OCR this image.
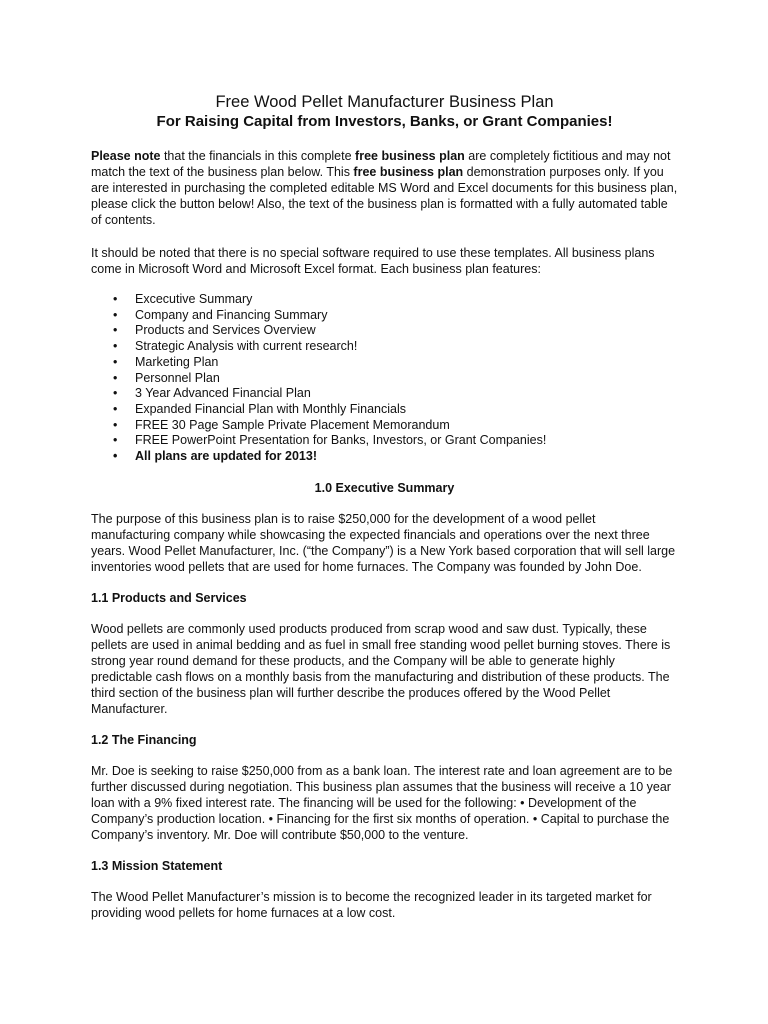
Free Wood Pellet Manufacturer Business Plan
For Raising Capital from Investors, Banks, or Grant Companies!

Please note that the financials in this complete free business plan are completely fictitious and may not match the text of the business plan below. This free business plan demonstration purposes only. If you are interested in purchasing the completed editable MS Word and Excel documents for this business plan, please click the button below! Also, the text of the business plan is formatted with a fully automated table of contents.

It should be noted that there is no special software required to use these templates. All business plans come in Microsoft Word and Microsoft Excel format. Each business plan features:

• Excecutive Summary
• Company and Financing Summary
• Products and Services Overview
• Strategic Analysis with current research!
• Marketing Plan
• Personnel Plan
• 3 Year Advanced Financial Plan
• Expanded Financial Plan with Monthly Financials
• FREE 30 Page Sample Private Placement Memorandum
• FREE PowerPoint Presentation for Banks, Investors, or Grant Companies!
• All plans are updated for 2013!
1.0 Executive Summary

The purpose of this business plan is to raise $250,000 for the development of a wood pellet manufacturing company while showcasing the expected financials and operations over the next three years. Wood Pellet Manufacturer, Inc. (“the Company”) is a New York based corporation that will sell large inventories wood pellets that are used for home furnaces. The Company was founded by John Doe.

1.1 Products and Services

Wood pellets are commonly used products produced from scrap wood and saw dust. Typically, these pellets are used in animal bedding and as fuel in small free standing wood pellet burning stoves. There is strong year round demand for these products, and the Company will be able to generate highly predictable cash flows on a monthly basis from the manufacturing and distribution of these products. The third section of the business plan will further describe the produces offered by the Wood Pellet Manufacturer.

1.2 The Financing

Mr. Doe is seeking to raise $250,000 from as a bank loan. The interest rate and loan agreement are to be further discussed during negotiation. This business plan assumes that the business will receive a 10 year loan with a 9% fixed interest rate. The financing will be used for the following: • Development of the Company’s production location. • Financing for the first six months of operation. • Capital to purchase the Company’s inventory. Mr. Doe will contribute $50,000 to the venture.

1.3 Mission Statement

The Wood Pellet Manufacturer’s mission is to become the recognized leader in its targeted market for providing wood pellets for home furnaces at a low cost.
